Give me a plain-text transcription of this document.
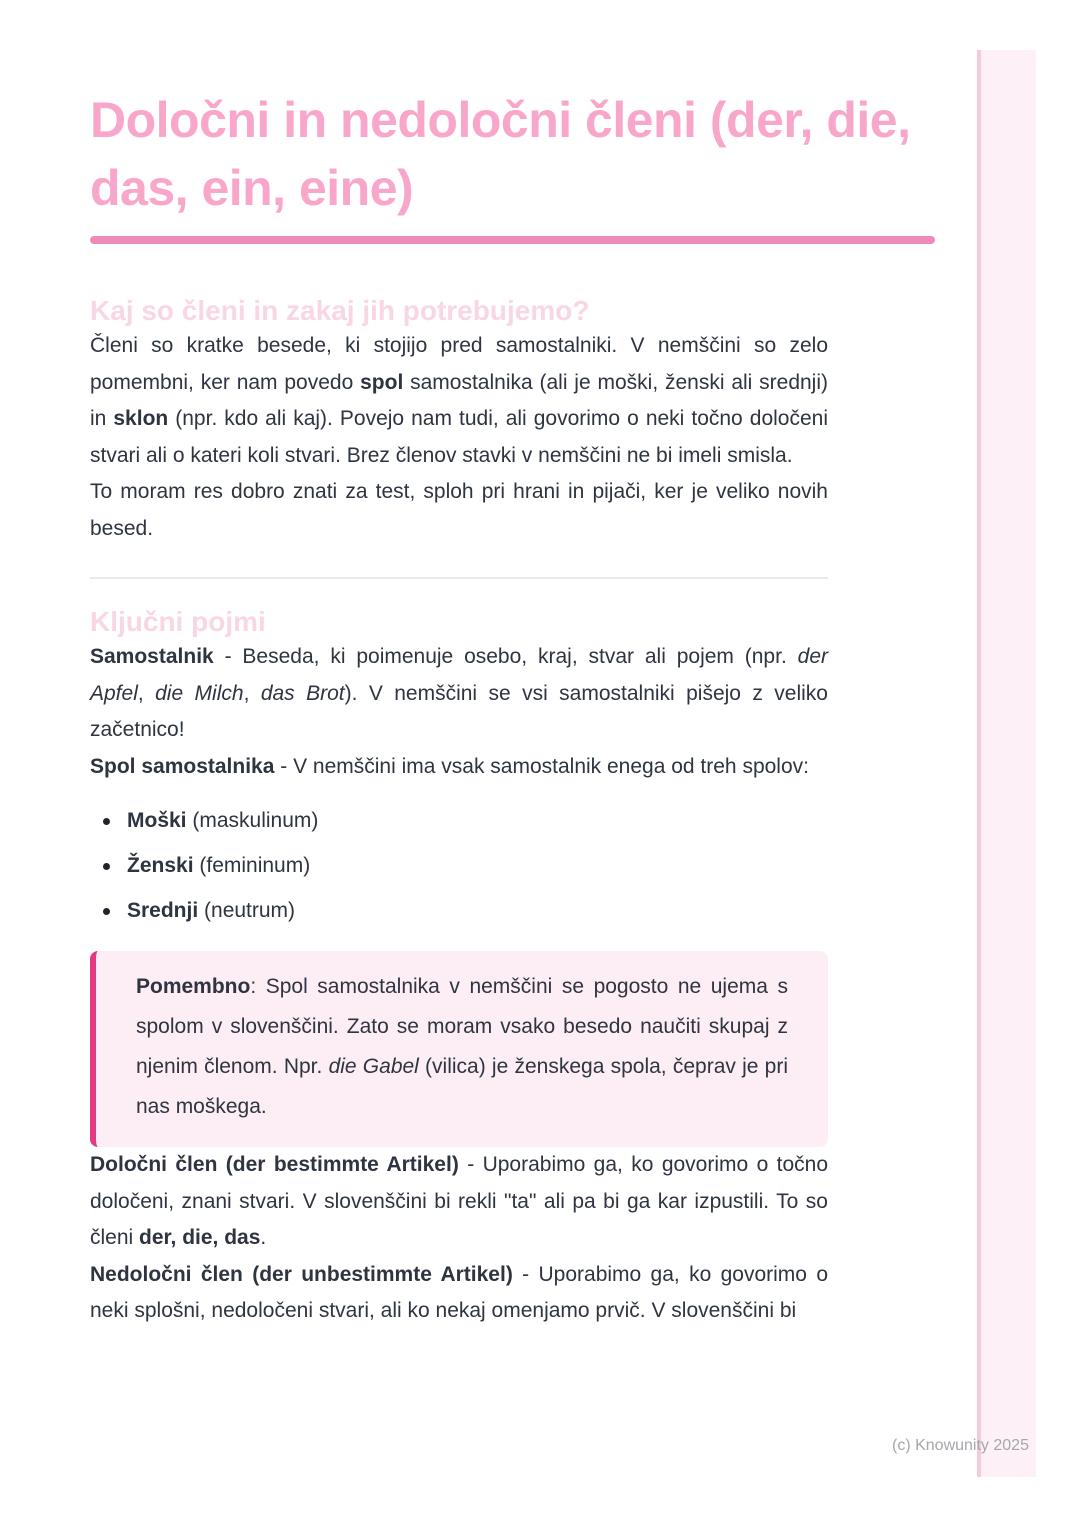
Določni in nedoločni členi (der, die, das, ein, eine)
Kaj so členi in zakaj jih potrebujemo?

Členi so kratke besede, ki stojijo pred samostalniki. V nemščini so zelo pomembni, ker nam povedo spol samostalnika (ali je moški, ženski ali srednji) in sklon (npr. kdo ali kaj). Povejo nam tudi, ali govorimo o neki točno določeni stvari ali o kateri koli stvari. Brez členov stavki v nemščini ne bi imeli smisla.

To moram res dobro znati za test, sploh pri hrani in pijači, ker je veliko novih besed.

Ključni pojmi

Samostalnik - Beseda, ki poimenuje osebo, kraj, stvar ali pojem (npr. der Apfel, die Milch, das Brot). V nemščini se vsi samostalniki pišejo z veliko začetnico!

Spol samostalnika - V nemščini ima vsak samostalnik enega od treh spolov:

Moški (maskulinum)
Ženski (femininum)
Srednji (neutrum)

Pomembno: Spol samostalnika v nemščini se pogosto ne ujema s spolom v slovenščini. Zato se moram vsako besedo naučiti skupaj z njenim členom. Npr. die Gabel (vilica) je ženskega spola, čeprav je pri nas moškega.

Določni člen (der bestimmte Artikel) - Uporabimo ga, ko govorimo o točno določeni, znani stvari. V slovenščini bi rekli "ta" ali pa bi ga kar izpustili. To so členi der, die, das.

Nedoločni člen (der unbestimmte Artikel) - Uporabimo ga, ko govorimo o neki splošni, nedoločeni stvari, ali ko nekaj omenjamo prvič. V slovenščini bi

(c) Knowunity 2025
